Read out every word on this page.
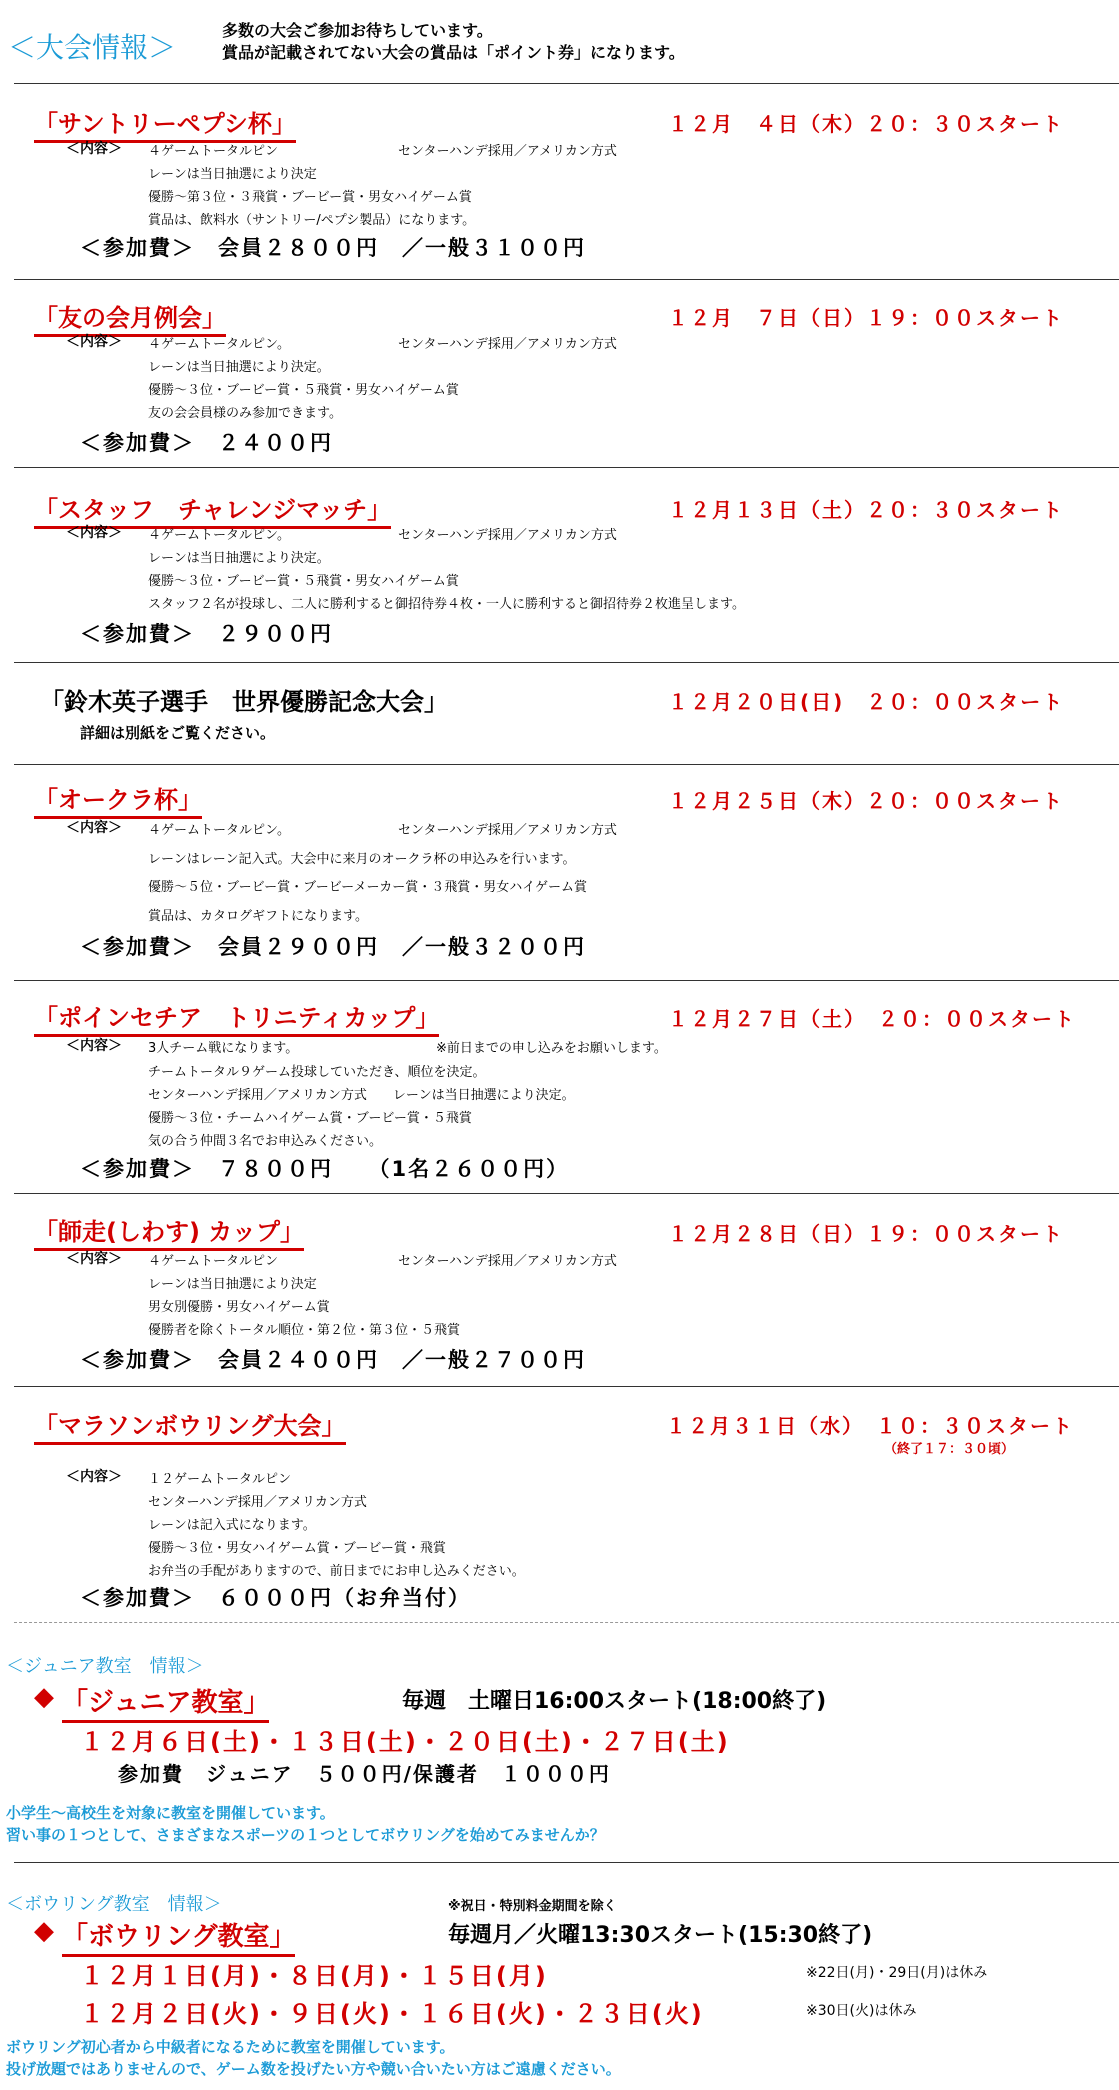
＜大会情報＞
多数の大会ご参加お待ちしています。
賞品が記載されてない大会の賞品は「ポイント券」になります。
「サントリーペプシ杯」	１２月　４日（木）２０：３０スタート
＜内容＞ ４ゲームトータルピン	センターハンデ採用／アメリカン方式
レーンは当日抽選により決定
優勝～第３位・３飛賞・ブービー賞・男女ハイゲーム賞
賞品は、飲料水（サントリー/ペプシ製品）になります。
＜参加費＞　会員２８００円　／一般３１００円
「友の会月例会」	１２月　７日（日）１９：００スタート
＜内容＞ ４ゲームトータルピン。	センターハンデ採用／アメリカン方式
レーンは当日抽選により決定。
優勝～３位・ブービー賞・５飛賞・男女ハイゲーム賞
友の会会員様のみ参加できます。
＜参加費＞　２４００円
「スタッフ　チャレンジマッチ」	１２月１３日（土）２０：３０スタート
＜内容＞ ４ゲームトータルピン。	センターハンデ採用／アメリカン方式
レーンは当日抽選により決定。
優勝～３位・ブービー賞・５飛賞・男女ハイゲーム賞
スタッフ２名が投球し、二人に勝利すると御招待券４枚・一人に勝利すると御招待券２枚進呈します。
＜参加費＞　２９００円
「鈴木英子選手　世界優勝記念大会」	１２月２０日(日)　２０：００スタート
詳細は別紙をご覧ください。
「オークラ杯」	１２月２５日（木）２０：００スタート
＜内容＞ ４ゲームトータルピン。	センターハンデ採用／アメリカン方式
レーンはレーン記入式。大会中に来月のオークラ杯の申込みを行います。
優勝～５位・ブービー賞・ブービーメーカー賞・３飛賞・男女ハイゲーム賞
賞品は、カタログギフトになります。
＜参加費＞　会員２９００円　／一般３２００円
「ポインセチア　トリニティカップ」	１２月２７日（土）　２０：００スタート
＜内容＞ 3人チーム戦になります。	※前日までの申し込みをお願いします。
チームトータル９ゲーム投球していただき、順位を決定。
センターハンデ採用／アメリカン方式　　レーンは当日抽選により決定。
優勝～３位・チームハイゲーム賞・ブービー賞・５飛賞
気の合う仲間３名でお申込みください。
＜参加費＞　７８００円　　（1名２６００円）
「師走(しわす) カップ」	１２月２８日（日）１９：００スタート
＜内容＞ ４ゲームトータルピン	センターハンデ採用／アメリカン方式
レーンは当日抽選により決定
男女別優勝・男女ハイゲーム賞
優勝者を除くトータル順位・第２位・第３位・５飛賞
＜参加費＞　会員２４００円　／一般２７００円
「マラソンボウリング大会」	１２月３１日（水）　１０：３０スタート
（終了１７：３０頃）
＜内容＞ １２ゲームトータルピン
センターハンデ採用／アメリカン方式
レーンは記入式になります。
優勝～３位・男女ハイゲーム賞・ブービー賞・飛賞
お弁当の手配がありますので、前日までにお申し込みください。
＜参加費＞　６０００円（お弁当付）
＜ジュニア教室　情報＞
◆ 「ジュニア教室」	毎週　土曜日16:00スタート(18:00終了)
１２月６日(土)・１３日(土)・２０日(土)・２７日(土)
参加費　ジュニア　５００円/保護者　１０００円
小学生～高校生を対象に教室を開催しています。
習い事の１つとして、さまざまなスポーツの１つとしてボウリングを始めてみませんか？
＜ボウリング教室　情報＞	※祝日・特別料金期間を除く
◆ 「ボウリング教室」	毎週月／火曜13:30スタート(15:30終了)
１２月１日(月)・８日(月)・１５日(月)	※22日(月)・29日(月)は休み
１２月２日(火)・９日(火)・１６日(火)・２３日(火)	※30日(火)は休み
ボウリング初心者から中級者になるために教室を開催しています。
投げ放題ではありませんので、ゲーム数を投げたい方や競い合いたい方はご遠慮ください。
